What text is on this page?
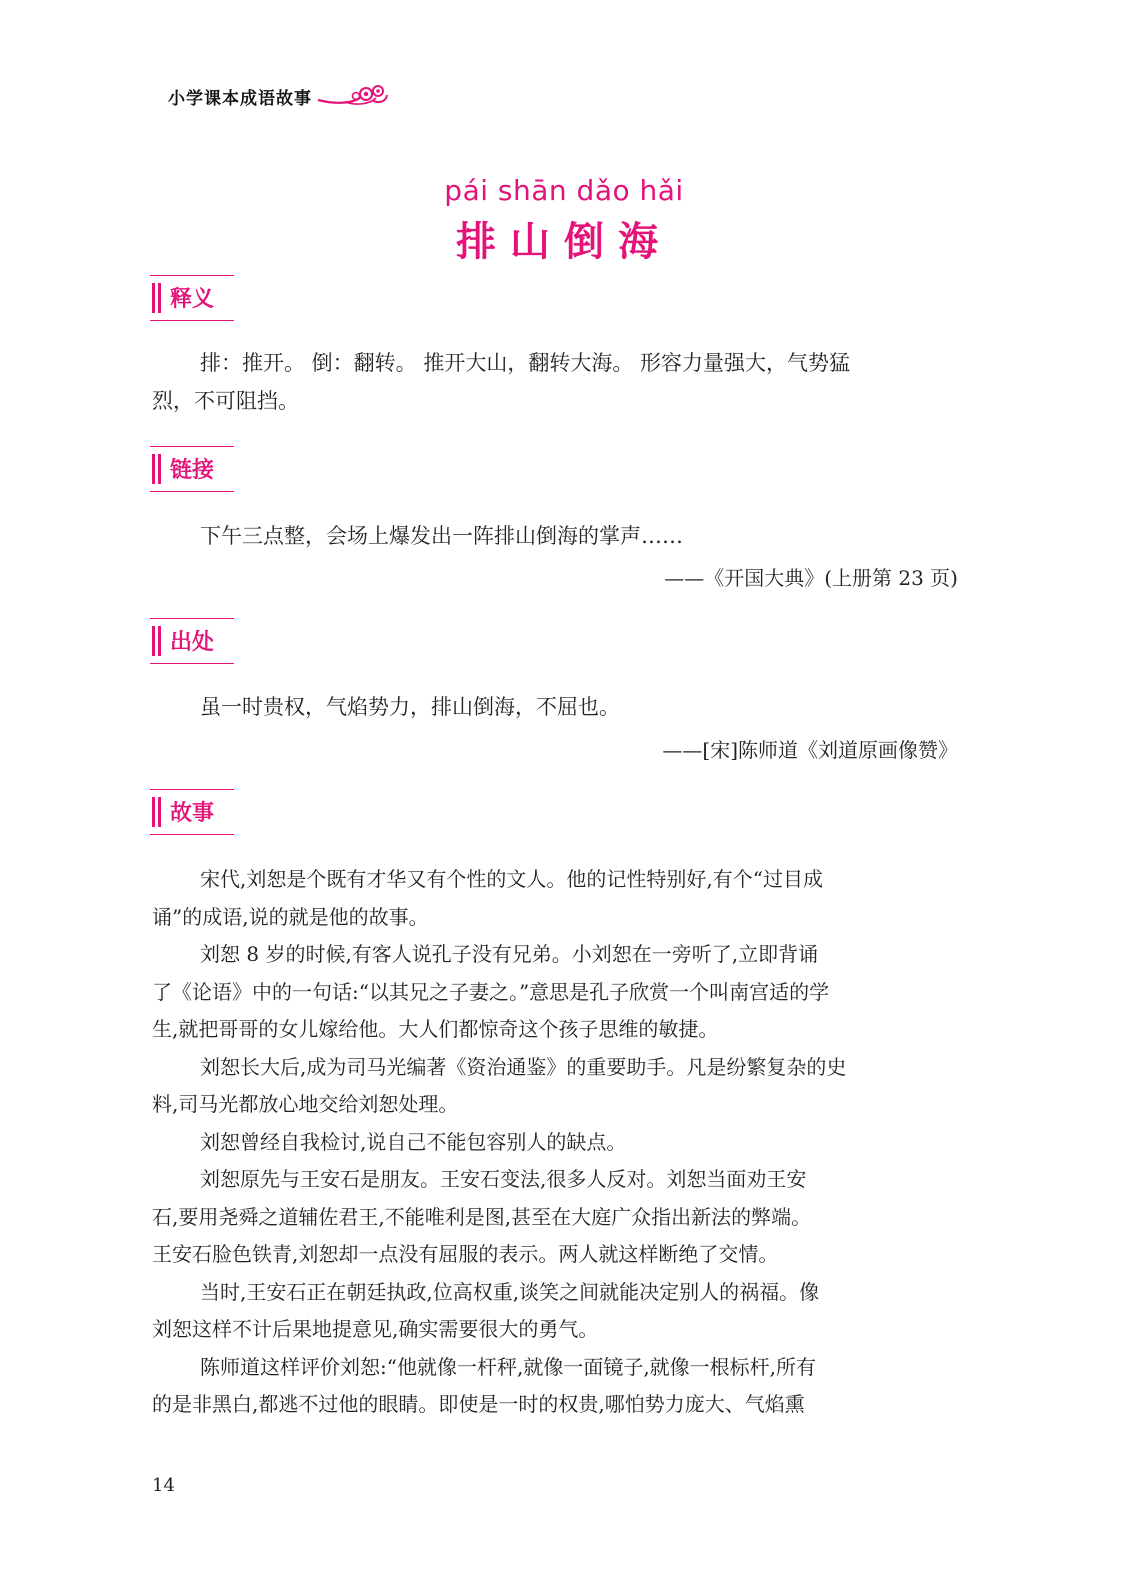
小学课本成语故事
pái shān dǎo hǎi
排山倒海
释义
排：推开。 倒：翻转。 推开大山，翻转大海。 形容力量强大，气势猛
烈，不可阻挡。
链接
下午三点整，会场上爆发出一阵排山倒海的掌声……
——《开国大典》(上册第 23 页)
出处
虽一时贵权，气焰势力，排山倒海，不屈也。
——[宋]陈师道《刘道原画像赞》
故事
宋代,刘恕是个既有才华又有个性的文人。他的记性特别好,有个“过目成
诵”的成语,说的就是他的故事。
刘恕 8 岁的时候,有客人说孔子没有兄弟。小刘恕在一旁听了,立即背诵
了《论语》中的一句话:“以其兄之子妻之。”意思是孔子欣赏一个叫南宫适的学
生,就把哥哥的女儿嫁给他。大人们都惊奇这个孩子思维的敏捷。
刘恕长大后,成为司马光编著《资治通鉴》的重要助手。凡是纷繁复杂的史
料,司马光都放心地交给刘恕处理。
刘恕曾经自我检讨,说自己不能包容别人的缺点。
刘恕原先与王安石是朋友。王安石变法,很多人反对。刘恕当面劝王安
石,要用尧舜之道辅佐君王,不能唯利是图,甚至在大庭广众指出新法的弊端。
王安石脸色铁青,刘恕却一点没有屈服的表示。两人就这样断绝了交情。
当时,王安石正在朝廷执政,位高权重,谈笑之间就能决定别人的祸福。像
刘恕这样不计后果地提意见,确实需要很大的勇气。
陈师道这样评价刘恕:“他就像一杆秤,就像一面镜子,就像一根标杆,所有
的是非黑白,都逃不过他的眼睛。即使是一时的权贵,哪怕势力庞大、气焰熏
14
